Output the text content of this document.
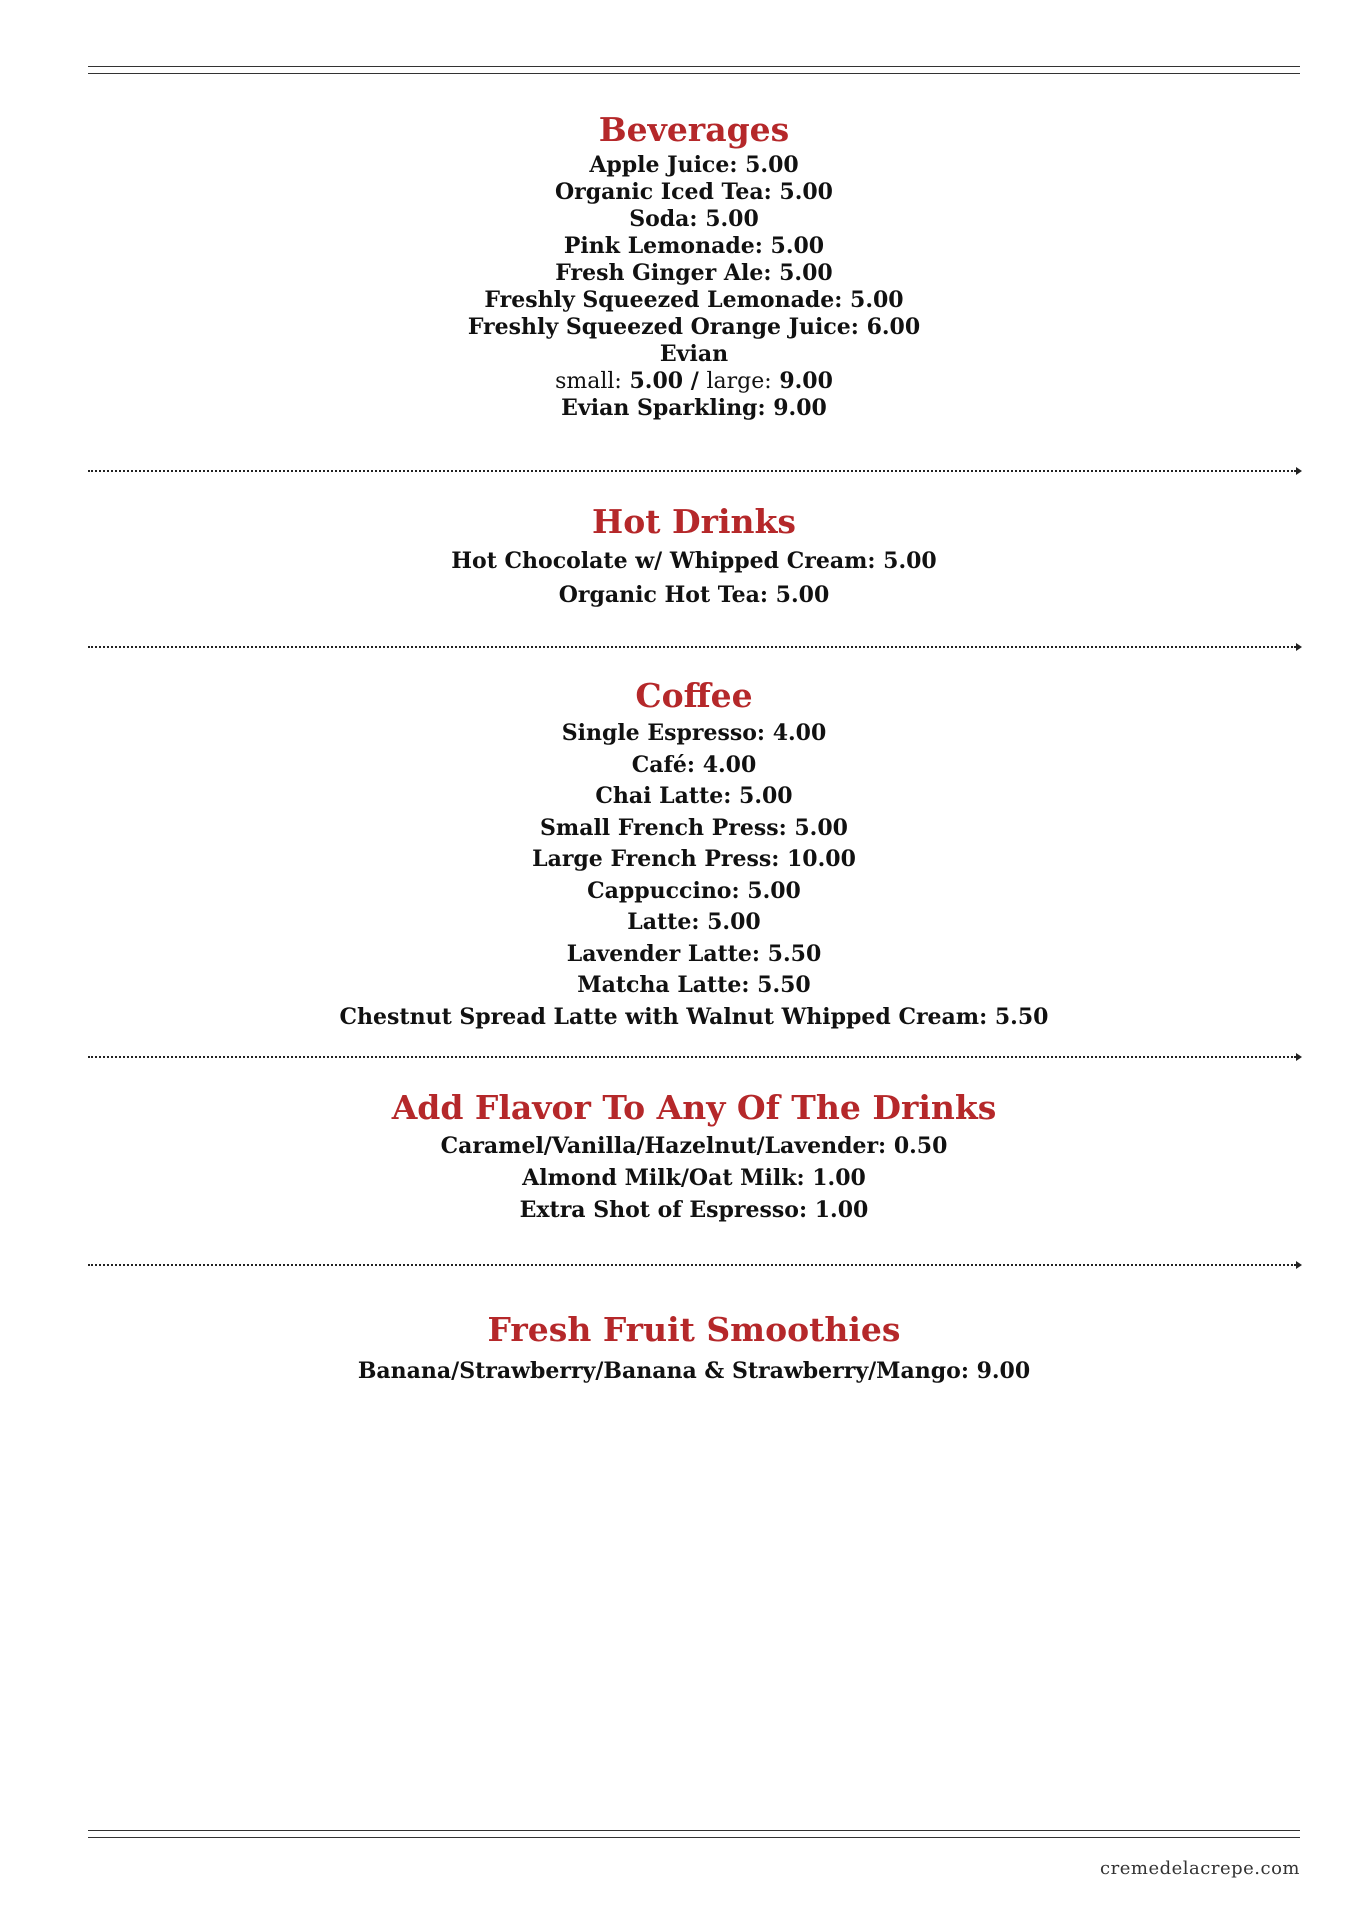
Beverages
Apple Juice: 5.00
Organic Iced Tea: 5.00
Soda: 5.00
Pink Lemonade: 5.00
Fresh Ginger Ale: 5.00
Freshly Squeezed Lemonade: 5.00
Freshly Squeezed Orange Juice: 6.00
Evian
small: 5.00 / large: 9.00
Evian Sparkling: 9.00
Hot Drinks
Hot Chocolate w/ Whipped Cream: 5.00
Organic Hot Tea: 5.00
Coffee
Single Espresso: 4.00
Café: 4.00
Chai Latte: 5.00
Small French Press: 5.00
Large French Press: 10.00
Cappuccino: 5.00
Latte: 5.00
Lavender Latte: 5.50
Matcha Latte: 5.50
Chestnut Spread Latte with Walnut Whipped Cream: 5.50
Add Flavor To Any Of The Drinks
Caramel/Vanilla/Hazelnut/Lavender: 0.50
Almond Milk/Oat Milk: 1.00
Extra Shot of Espresso: 1.00
Fresh Fruit Smoothies
Banana/Strawberry/Banana & Strawberry/Mango: 9.00
cremedelacrepe.com
